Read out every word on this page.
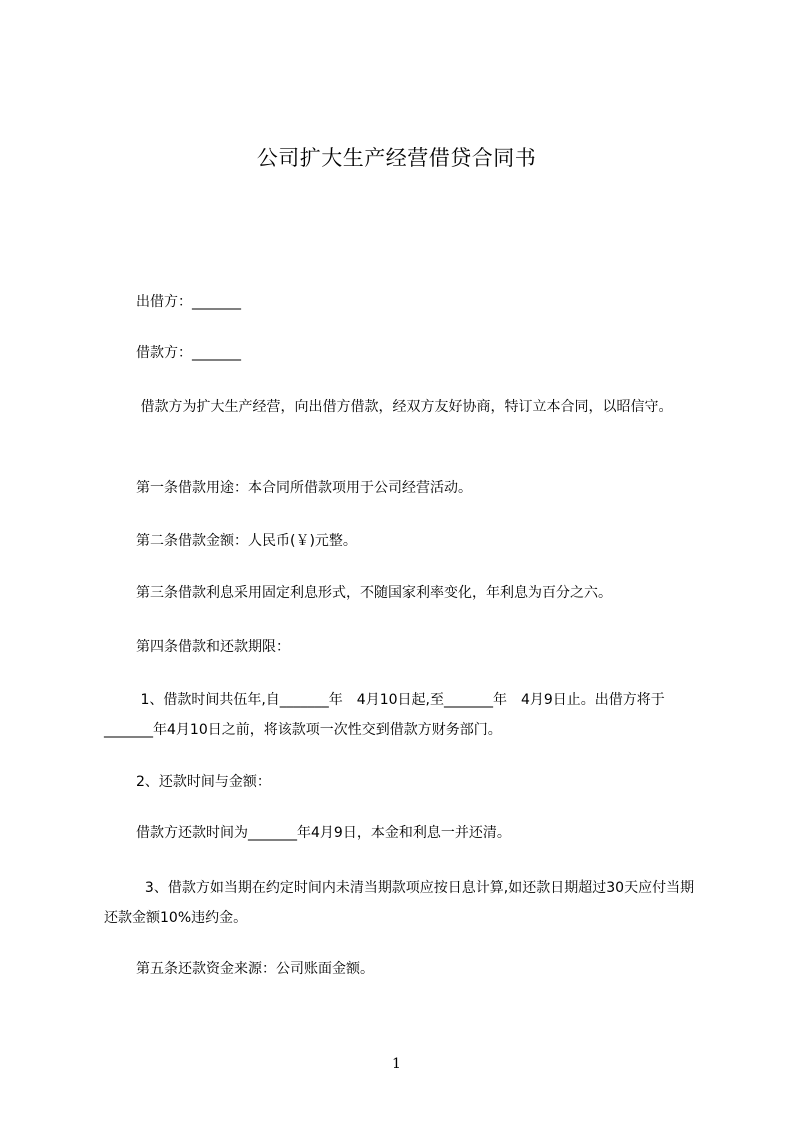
公司扩大生产经营借贷合同书
出借方：_______
借款方：_______
借款方为扩大生产经营，向出借方借款，经双方友好协商，特订立本合同，以昭信守。
第一条借款用途：本合同所借款项用于公司经营活动。
第二条借款金额：人民币(￥)元整。
第三条借款利息采用固定利息形式，不随国家利率变化，年利息为百分之六。
第四条借款和还款期限：
1、借款时间共伍年,自_______年　4月10日起,至_______年　4月9日止。出借方将于_______年4月10日之前，将该款项一次性交到借款方财务部门。
2、还款时间与金额：
借款方还款时间为_______年4月9日，本金和利息一并还清。
3、借款方如当期在约定时间内未清当期款项应按日息计算,如还款日期超过30天应付当期还款金额10%违约金。
第五条还款资金来源：公司账面金额。
1
